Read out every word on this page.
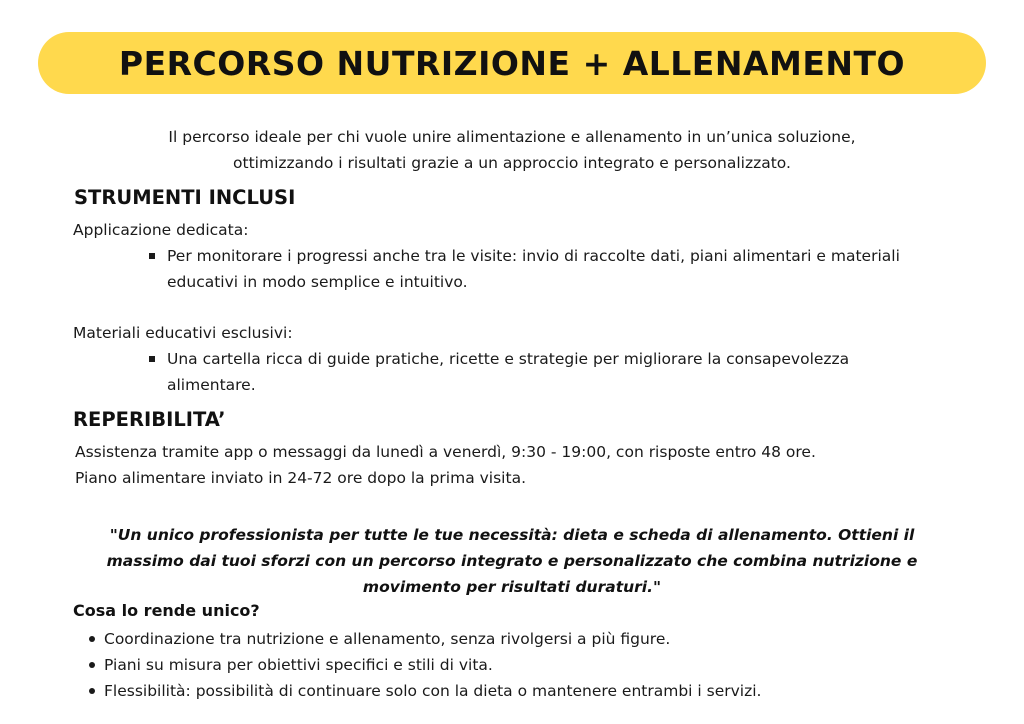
PERCORSO NUTRIZIONE + ALLENAMENTO
Il percorso ideale per chi vuole unire alimentazione e allenamento in un’unica soluzione,
ottimizzando i risultati grazie a un approccio integrato e personalizzato.
STRUMENTI INCLUSI
Applicazione dedicata:
Per monitorare i progressi anche tra le visite: invio di raccolte dati, piani alimentari e materiali
educativi in modo semplice e intuitivo.
Materiali educativi esclusivi:
Una cartella ricca di guide pratiche, ricette e strategie per migliorare la consapevolezza
alimentare.
REPERIBILITA’
Assistenza tramite app o messaggi da lunedì a venerdì, 9:30 - 19:00, con risposte entro 48 ore.
Piano alimentare inviato in 24-72 ore dopo la prima visita.
"Un unico professionista per tutte le tue necessità: dieta e scheda di allenamento. Ottieni il
massimo dai tuoi sforzi con un percorso integrato e personalizzato che combina nutrizione e
movimento per risultati duraturi."
Cosa lo rende unico?
Coordinazione tra nutrizione e allenamento, senza rivolgersi a più figure.
Piani su misura per obiettivi specifici e stili di vita.
Flessibilità: possibilità di continuare solo con la dieta o mantenere entrambi i servizi.
